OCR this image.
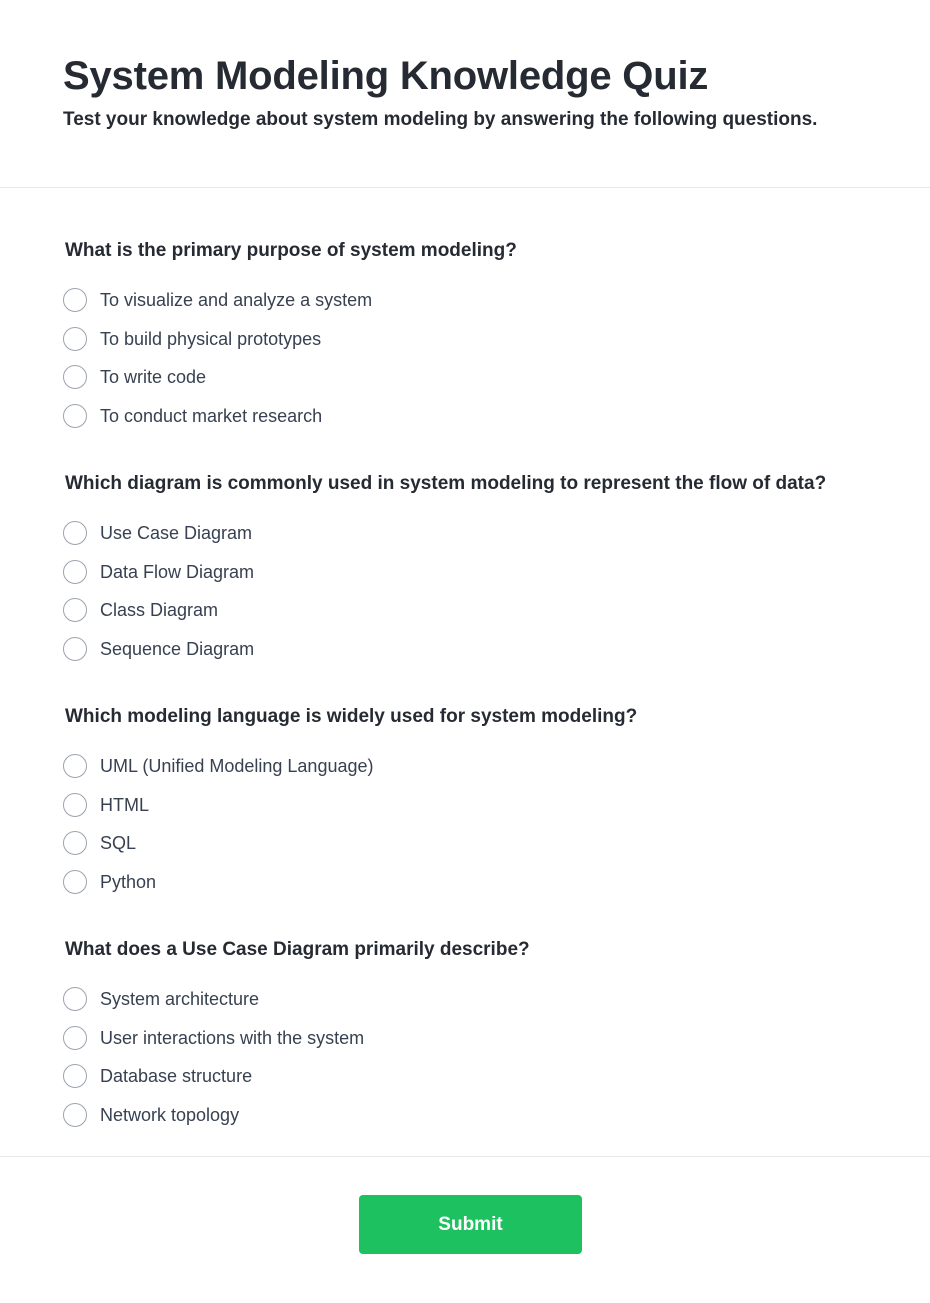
System Modeling Knowledge Quiz

Test your knowledge about system modeling by answering the following questions.

What is the primary purpose of system modeling?
To visualize and analyze a system
To build physical prototypes
To write code
To conduct market research
Which diagram is commonly used in system modeling to represent the flow of data?
Use Case Diagram
Data Flow Diagram
Class Diagram
Sequence Diagram
Which modeling language is widely used for system modeling?
UML (Unified Modeling Language)
HTML
SQL
Python
What does a Use Case Diagram primarily describe?
System architecture
User interactions with the system
Database structure
Network topology
Submit
